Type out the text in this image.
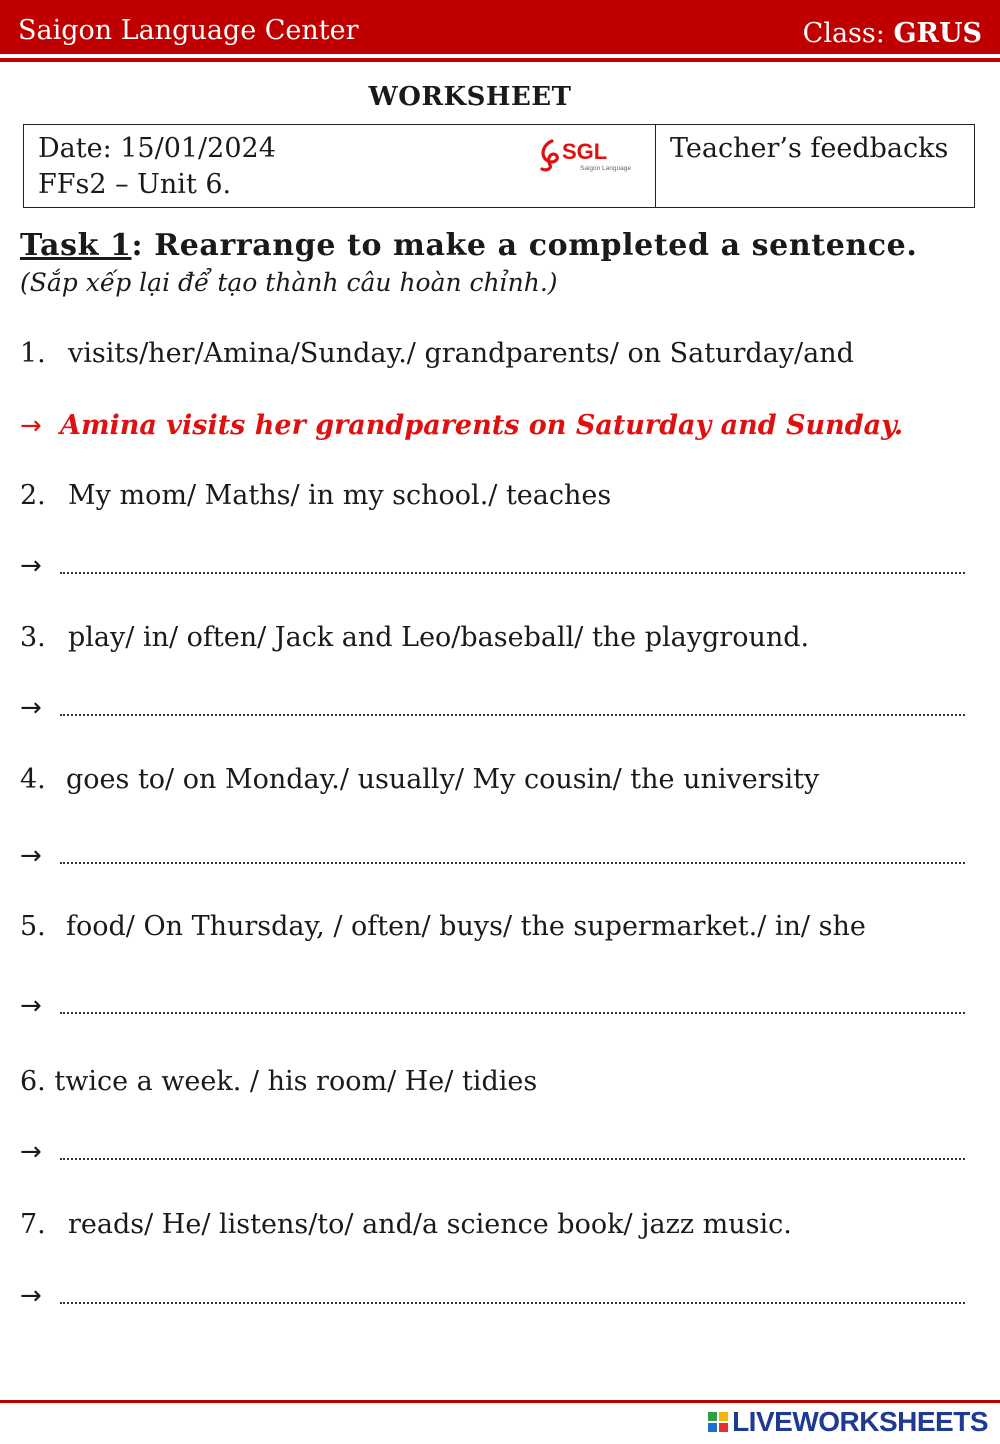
Saigon Language Center	Class: GRUS
WORKSHEET
Date: 15/01/2024
FFs2 – Unit 6.
SGL
Saigon Language
Teacher’s feedbacks
Task 1: Rearrange to make a completed a sentence.
(Sắp xếp lại để tạo thành câu hoàn chỉnh.)
1. visits/her/Amina/Sunday./ grandparents/ on Saturday/and
→ Amina visits her grandparents on Saturday and Sunday.
2. My mom/ Maths/ in my school./ teaches
→
3. play/ in/ often/ Jack and Leo/baseball/ the playground.
→
4. goes to/ on Monday./ usually/ My cousin/ the university
→
5. food/ On Thursday, / often/ buys/ the supermarket./ in/ she
→
6. twice a week. / his room/ He/ tidies
→
7. reads/ He/ listens/to/ and/a science book/ jazz music.
→
LIVEWORKSHEETS
